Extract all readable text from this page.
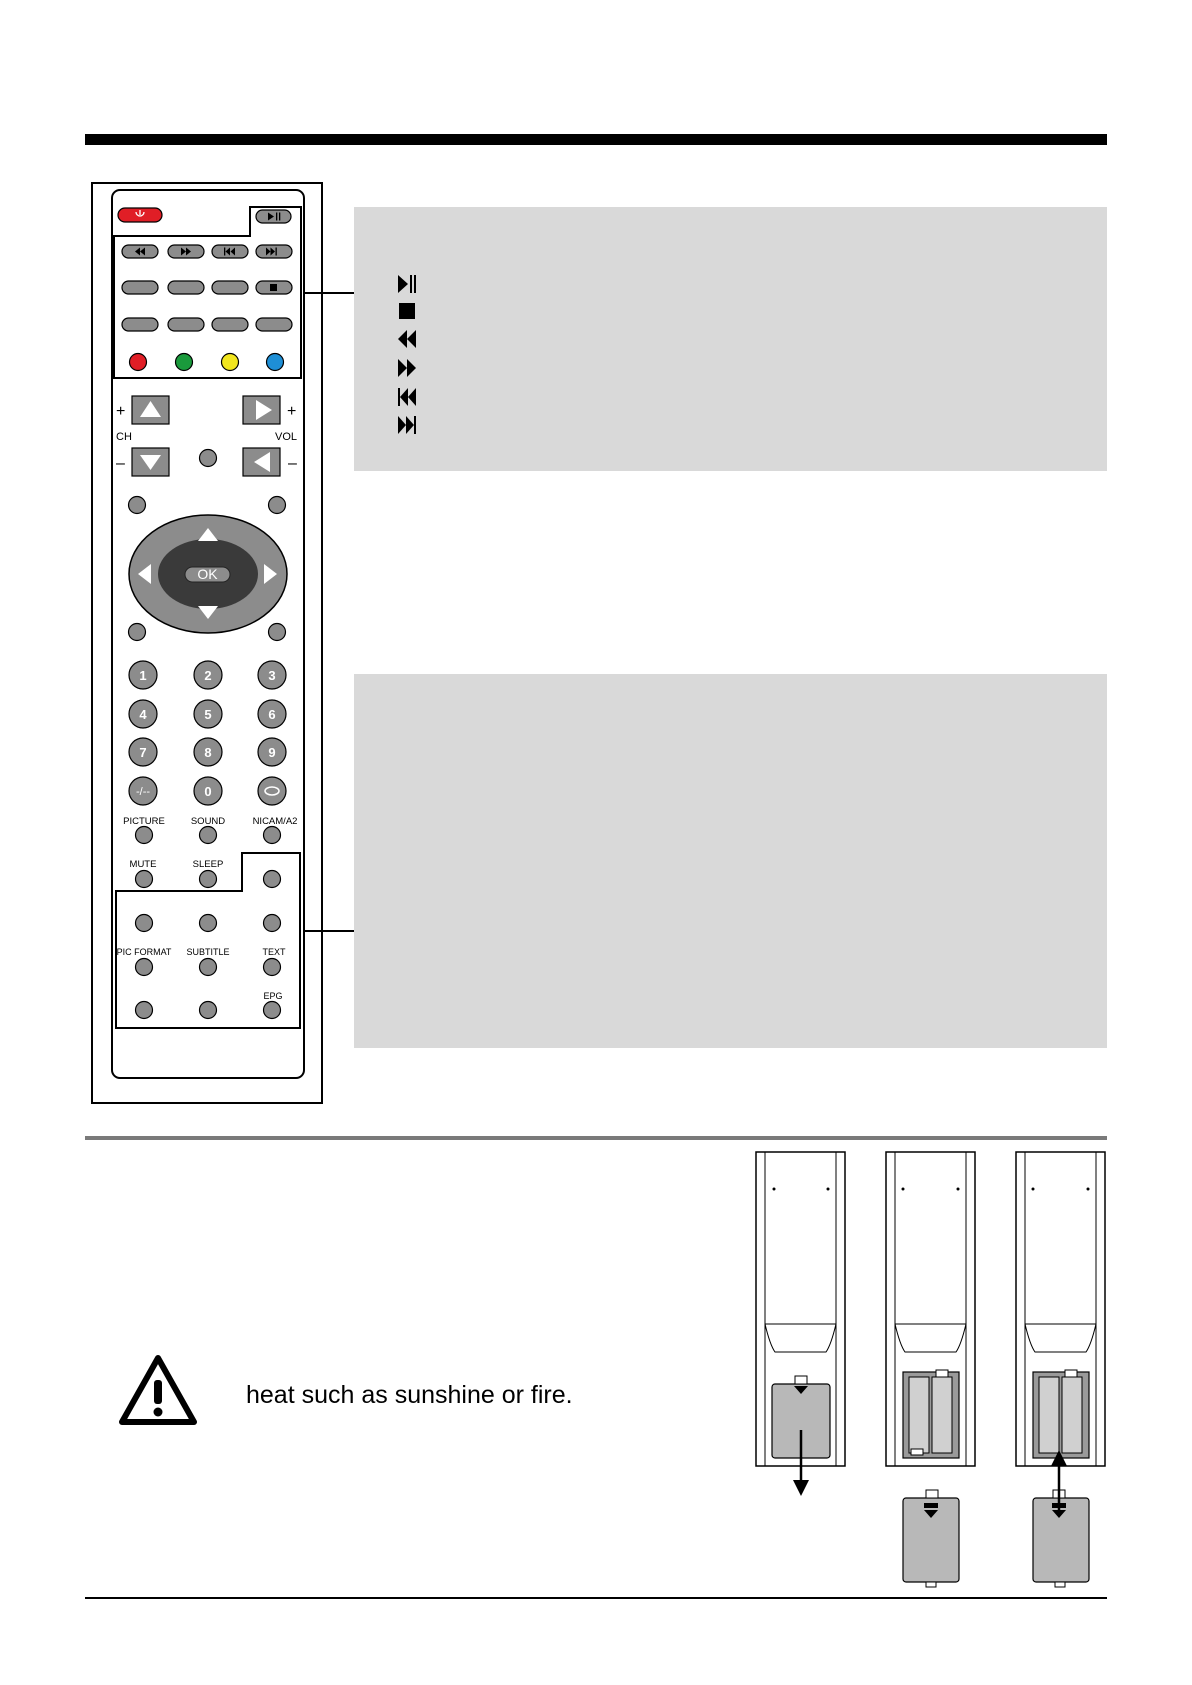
+	+
CH	VOL
–	–
OK
1	2	3
4	5	6
7	8	9
-/--	0
PICTURE	SOUND	NICAM/A2
MUTE	SLEEP
PIC FORMAT SUBTITLE	TEXT
EPG
heat such as sunshine or fire.
